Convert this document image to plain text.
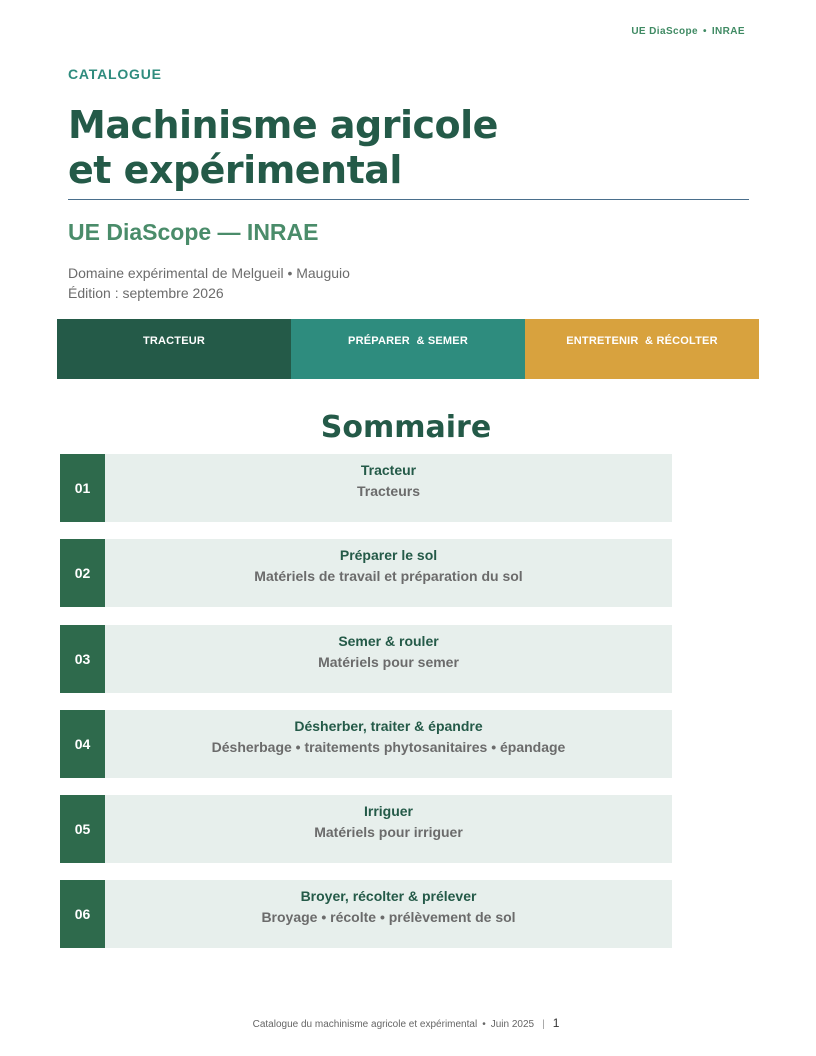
UE DiaScope • INRAE
CATALOGUE
Machinisme agricole
et expérimental
UE DiaScope — INRAE
Domaine expérimental de Melgueil • Mauguio
Édition : septembre 2026
TRACTEUR	PRÉPARER  & SEMER	ENTRETENIR  & RÉCOLTER
Sommaire
01
Tracteur
Tracteurs
02
Préparer le sol
Matériels de travail et préparation du sol
03
Semer & rouler
Matériels pour semer
04
Désherber, traiter & épandre
Désherbage • traitements phytosanitaires • épandage
05
Irriguer
Matériels pour irriguer
06
Broyer, récolter & prélever
Broyage • récolte • prélèvement de sol
Catalogue du machinisme agricole et expérimental • Juin 2025 | 1
